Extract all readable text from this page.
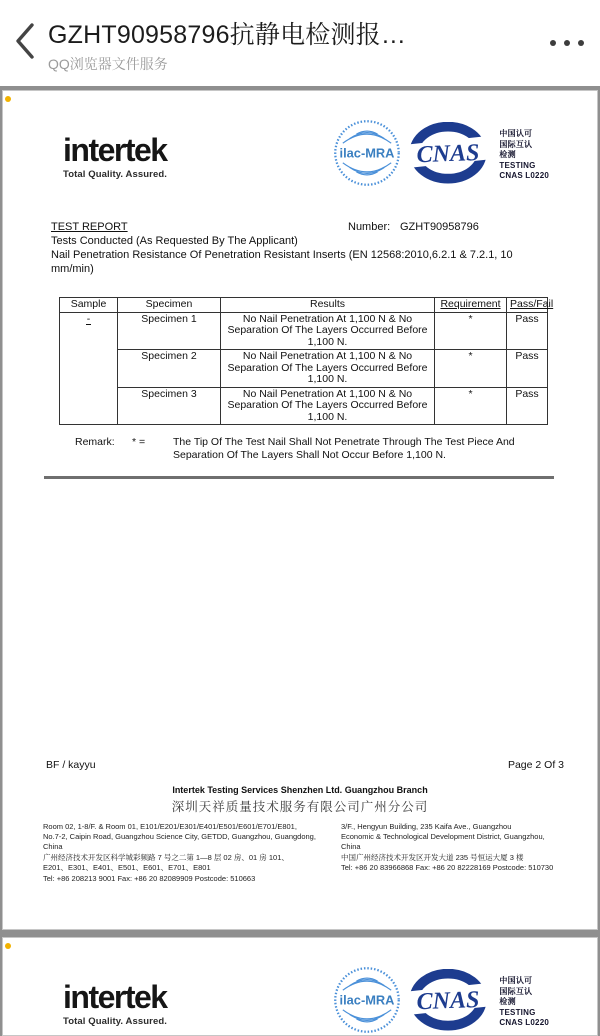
GZHT90958796抗静电检测报…
QQ浏览器文件服务
intertek
Total Quality. Assured.
ilac-MRA CNAS
中国认可
国际互认
检测
TESTING
CNAS L0220
TEST REPORT	Number: GZHT90958796
Tests Conducted (As Requested By The Applicant)
Nail Penetration Resistance Of Penetration Resistant Inserts (EN 12568:2010,6.2.1 & 7.2.1, 10 mm/min)
Sample	Specimen	Results	Requirement	Pass/Fail
-	Specimen 1	No Nail Penetration At 1,100 N & No Separation Of The Layers Occurred Before 1,100 N.	*	Pass
	Specimen 2	No Nail Penetration At 1,100 N & No Separation Of The Layers Occurred Before 1,100 N.	*	Pass
	Specimen 3	No Nail Penetration At 1,100 N & No Separation Of The Layers Occurred Before 1,100 N.	*	Pass
Remark:	* =	The Tip Of The Test Nail Shall Not Penetrate Through The Test Piece And Separation Of The Layers Shall Not Occur Before 1,100 N.
BF / kayyu	Page 2 Of 3
Intertek Testing Services Shenzhen Ltd. Guangzhou Branch
深圳天祥质量技术服务有限公司广州分公司
Room 02, 1-8/F. & Room 01, E101/E201/E301/E401/E501/E601/E701/E801,
No.7-2, Caipin Road, Guangzhou Science City, GETDD, Guangzhou, Guangdong,
China
广州经济技术开发区科学城彩频路 7 号之二第 1—8 层 02 房、01 房 101、
E201、E301、E401、E501、E601、E701、E801
Tel: +86 208213 9001 Fax: +86 20 82089909 Postcode: 510663
3/F., Hengyun Building, 235 Kaifa Ave., Guangzhou
Economic & Technological Development District, Guangzhou,
China
中国广州经济技术开发区开发大道 235 号恒运大厦 3 楼
Tel: +86 20 83966868 Fax: +86 20 82228169 Postcode: 510730
intertek
Total Quality. Assured.
ilac-MRA CNAS
中国认可
国际互认
检测
TESTING
CNAS L0220
